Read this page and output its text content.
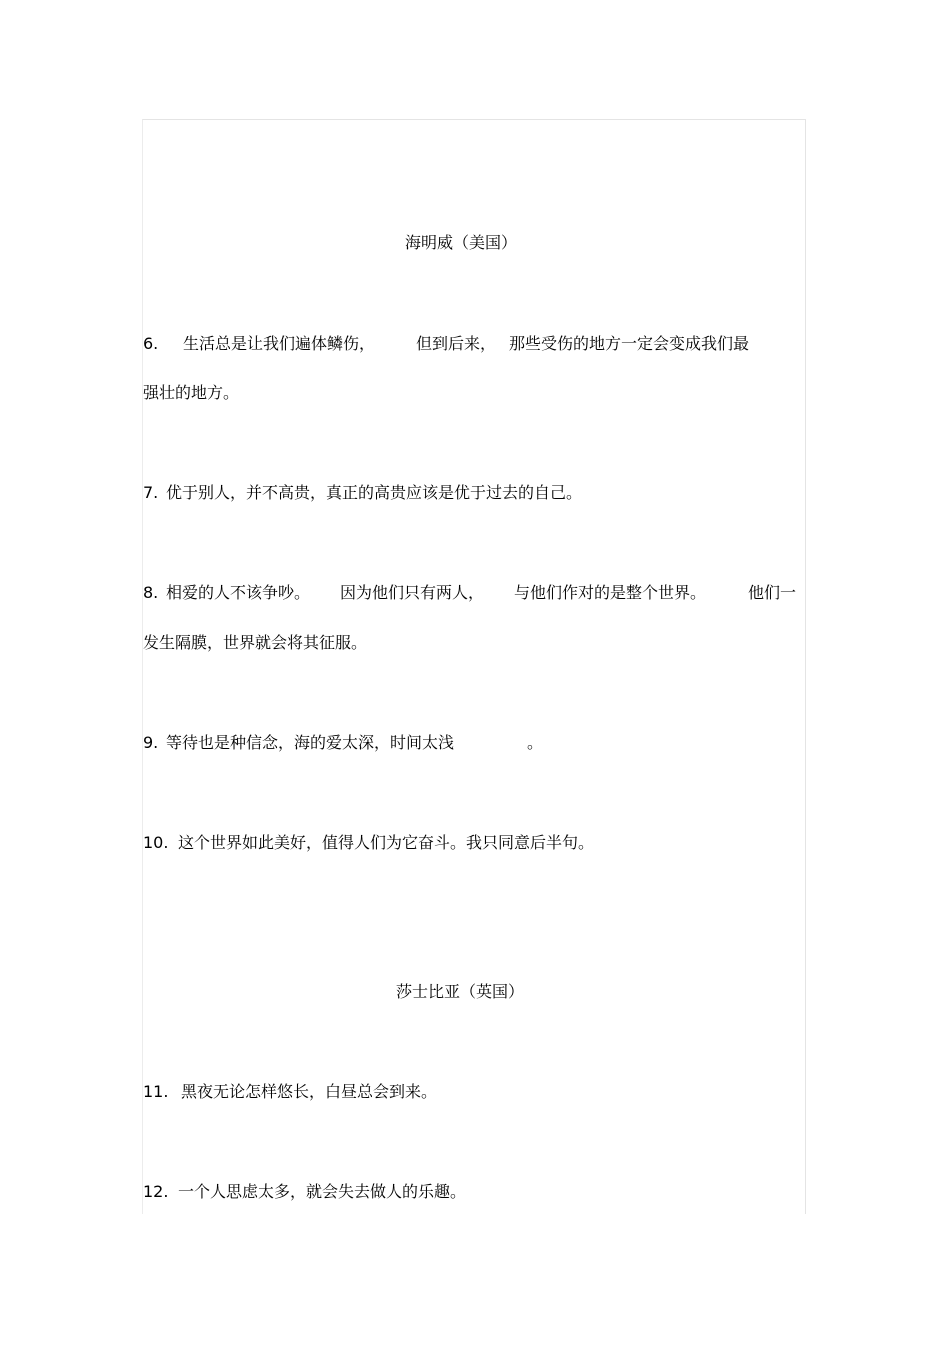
海明威（美国）

6.

生活总是让我们遍体鳞伤，

	但到后来，

那些受伤的地方一定会变成我们最

强壮的地方。

7.

优于别人，并不高贵，真正的高贵应该是优于过去的自己。

8.

相爱的人不该争吵。

因为他们只有两人，

与他们作对的是整个世界。

	他们一

发生隔膜，世界就会将其征服。

9.

等待也是种信念，海的爱太深，时间太浅

	。

10.

这个世界如此美好，值得人们为它奋斗。我只同意后半句。

莎士比亚（英国）

11.

黑夜无论怎样悠长，白昼总会到来。

12.

一个人思虑太多，就会失去做人的乐趣。
